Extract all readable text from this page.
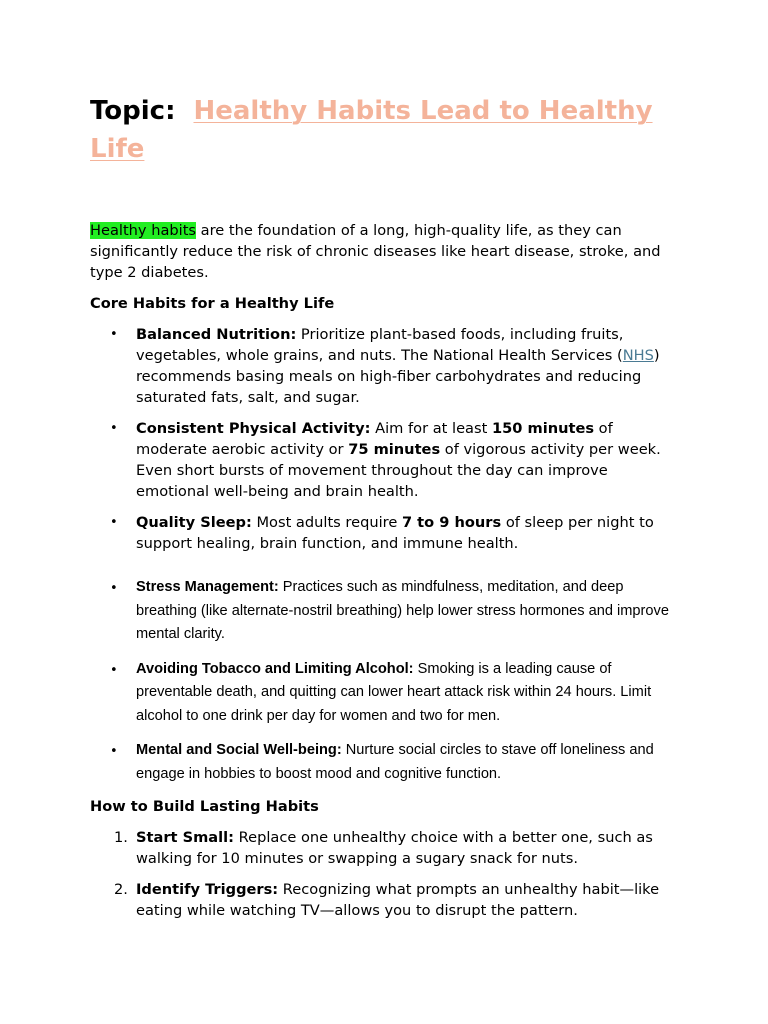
Topic: Healthy Habits Lead to Healthy Life

Healthy habits are the foundation of a long, high-quality life, as they can significantly reduce the risk of chronic diseases like heart disease, stroke, and type 2 diabetes.

Core Habits for a Healthy Life
• Balanced Nutrition: Prioritize plant-based foods, including fruits, vegetables, whole grains, and nuts. The National Health Services (NHS) recommends basing meals on high-fiber carbohydrates and reducing saturated fats, salt, and sugar.
• Consistent Physical Activity: Aim for at least 150 minutes of moderate aerobic activity or 75 minutes of vigorous activity per week. Even short bursts of movement throughout the day can improve emotional well-being and brain health.
• Quality Sleep: Most adults require 7 to 9 hours of sleep per night to support healing, brain function, and immune health.
• Stress Management: Practices such as mindfulness, meditation, and deep breathing (like alternate-nostril breathing) help lower stress hormones and improve mental clarity.
• Avoiding Tobacco and Limiting Alcohol: Smoking is a leading cause of preventable death, and quitting can lower heart attack risk within 24 hours. Limit alcohol to one drink per day for women and two for men.
• Mental and Social Well-being: Nurture social circles to stave off loneliness and engage in hobbies to boost mood and cognitive function.
How to Build Lasting Habits
1. Start Small: Replace one unhealthy choice with a better one, such as walking for 10 minutes or swapping a sugary snack for nuts.
2. Identify Triggers: Recognizing what prompts an unhealthy habit—like eating while watching TV—allows you to disrupt the pattern.
